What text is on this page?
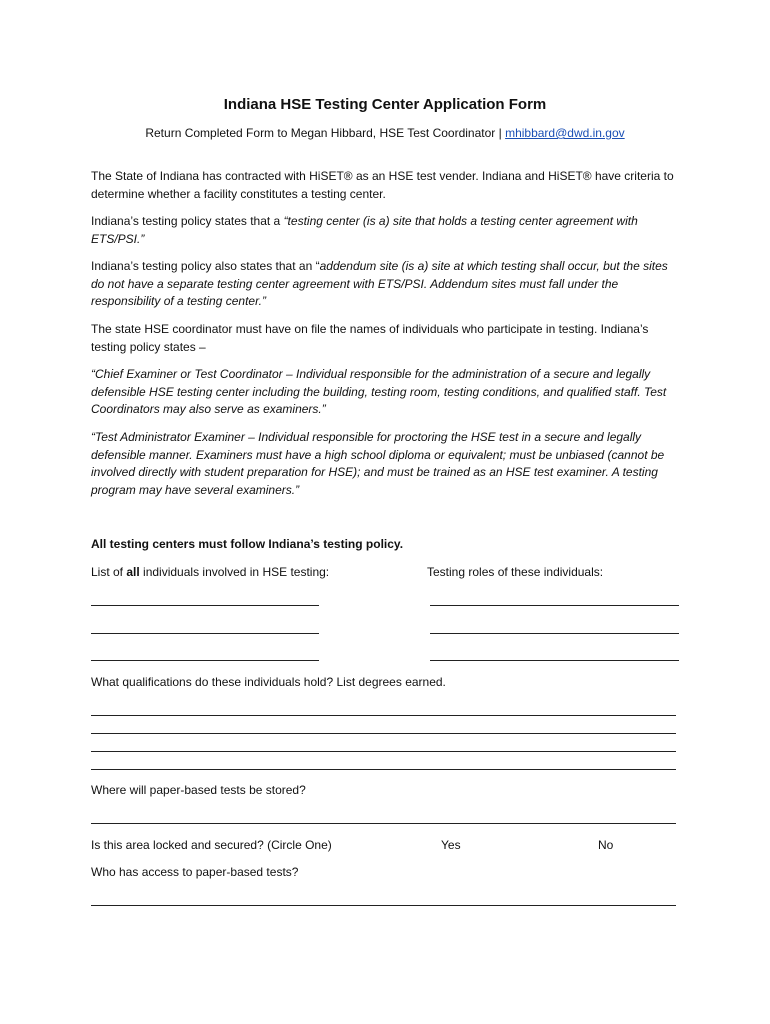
Indiana HSE Testing Center Application Form
Return Completed Form to Megan Hibbard, HSE Test Coordinator | mhibbard@dwd.in.gov
The State of Indiana has contracted with HiSET® as an HSE test vender. Indiana and HiSET® have criteria to determine whether a facility constitutes a testing center.
Indiana’s testing policy states that a “testing center (is a) site that holds a testing center agreement with ETS/PSI.”
Indiana’s testing policy also states that an “addendum site (is a) site at which testing shall occur, but the sites do not have a separate testing center agreement with ETS/PSI. Addendum sites must fall under the responsibility of a testing center.”
The state HSE coordinator must have on file the names of individuals who participate in testing. Indiana’s testing policy states –
“Chief Examiner or Test Coordinator – Individual responsible for the administration of a secure and legally defensible HSE testing center including the building, testing room, testing conditions, and qualified staff. Test Coordinators may also serve as examiners.”
“Test Administrator Examiner – Individual responsible for proctoring the HSE test in a secure and legally defensible manner. Examiners must have a high school diploma or equivalent; must be unbiased (cannot be involved directly with student preparation for HSE); and must be trained as an HSE test examiner. A testing program may have several examiners.”
All testing centers must follow Indiana’s testing policy.
List of all individuals involved in HSE testing:	Testing roles of these individuals:
What qualifications do these individuals hold? List degrees earned.
Where will paper-based tests be stored?
Is this area locked and secured? (Circle One)	Yes	No
Who has access to paper-based tests?
